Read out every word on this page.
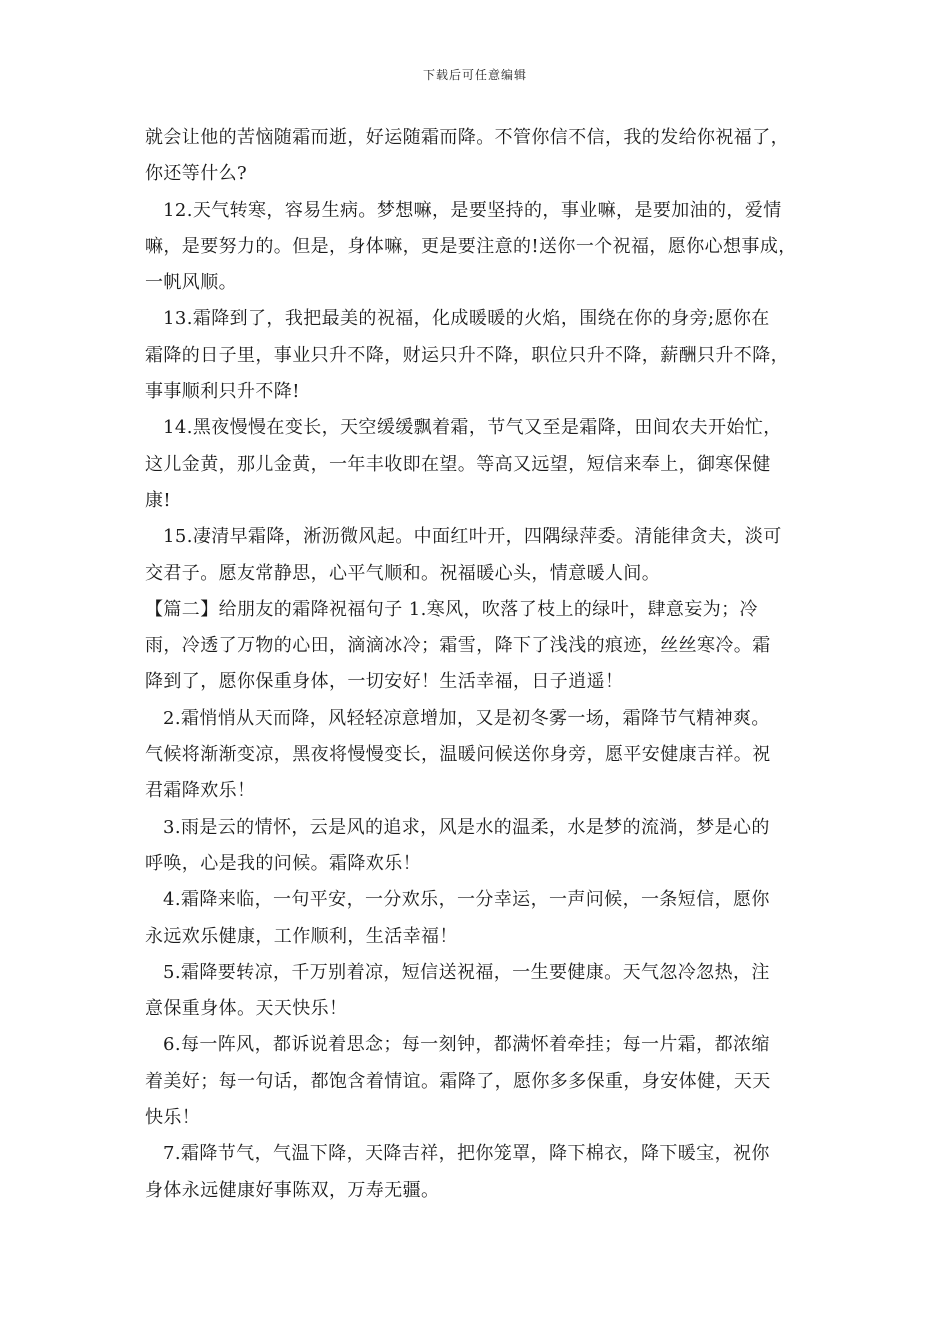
下载后可任意编辑
就会让他的苦恼随霜而逝，好运随霜而降。不管你信不信，我的发给你祝福了，
你还等什么?
12.天气转寒，容易生病。梦想嘛，是要坚持的，事业嘛，是要加油的，爱情
嘛，是要努力的。但是，身体嘛，更是要注意的!送你一个祝福，愿你心想事成，
一帆风顺。
13.霜降到了，我把最美的祝福，化成暖暖的火焰，围绕在你的身旁;愿你在
霜降的日子里，事业只升不降，财运只升不降，职位只升不降，薪酬只升不降，
事事顺利只升不降!
14.黑夜慢慢在变长，天空缓缓飘着霜，节气又至是霜降，田间农夫开始忙，
这儿金黄，那儿金黄，一年丰收即在望。等高又远望，短信来奉上，御寒保健
康!
15.凄清早霜降，淅沥微风起。中面红叶开，四隅绿萍委。清能律贪夫，淡可
交君子。愿友常静思，心平气顺和。祝福暖心头，情意暖人间。
【篇二】给朋友的霜降祝福句子 1.寒风，吹落了枝上的绿叶，肆意妄为；冷
雨，冷透了万物的心田，滴滴冰冷；霜雪，降下了浅浅的痕迹，丝丝寒冷。霜
降到了，愿你保重身体，一切安好！生活幸福，日子逍遥！
2.霜悄悄从天而降，风轻轻凉意增加，又是初冬雾一场，霜降节气精神爽。
气候将渐渐变凉，黑夜将慢慢变长，温暖问候送你身旁，愿平安健康吉祥。祝
君霜降欢乐！
3.雨是云的情怀，云是风的追求，风是水的温柔，水是梦的流淌，梦是心的
呼唤，心是我的问候。霜降欢乐！
4.霜降来临，一句平安，一分欢乐，一分幸运，一声问候，一条短信，愿你
永远欢乐健康，工作顺利，生活幸福！
5.霜降要转凉，千万别着凉，短信送祝福，一生要健康。天气忽冷忽热，注
意保重身体。天天快乐！
6.每一阵风，都诉说着思念；每一刻钟，都满怀着牵挂；每一片霜，都浓缩
着美好；每一句话，都饱含着情谊。霜降了，愿你多多保重，身安体健，天天
快乐！
7.霜降节气，气温下降，天降吉祥，把你笼罩，降下棉衣，降下暖宝，祝你
身体永远健康好事陈双，万寿无疆。
